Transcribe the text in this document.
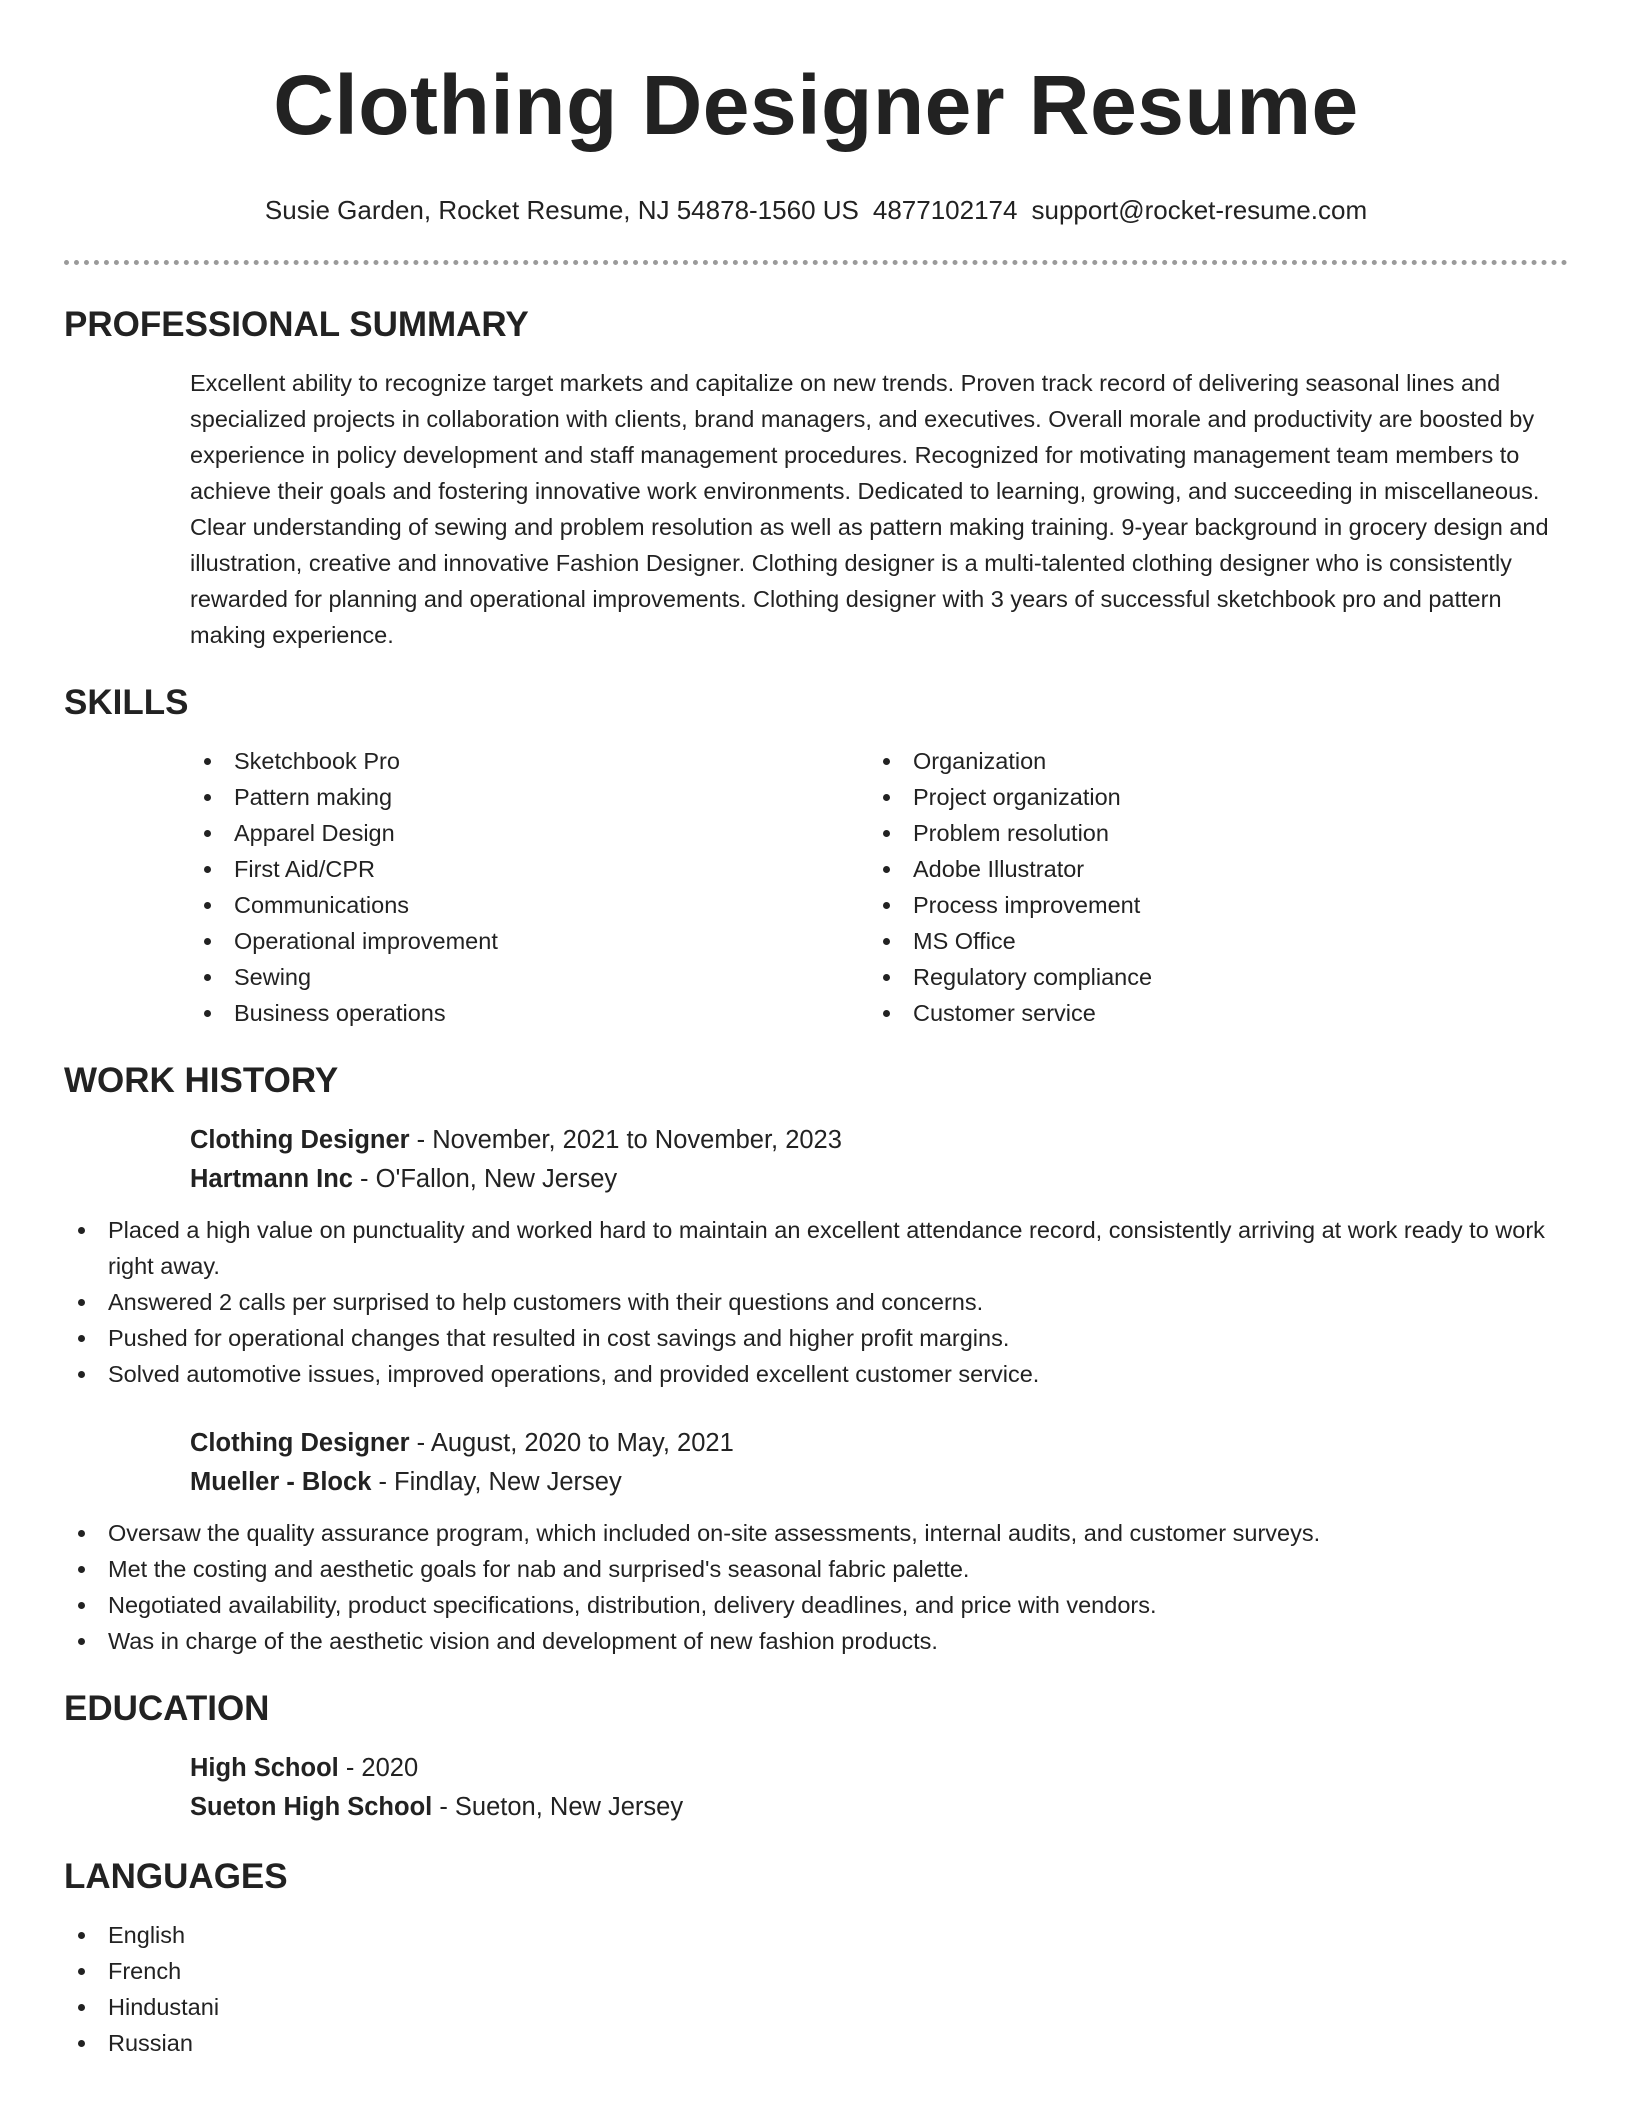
Clothing Designer Resume
Susie Garden, Rocket Resume, NJ 54878-1560 US 4877102174 support@rocket-resume.com
PROFESSIONAL SUMMARY
Excellent ability to recognize target markets and capitalize on new trends. Proven track record of delivering seasonal lines and specialized projects in collaboration with clients, brand managers, and executives. Overall morale and productivity are boosted by experience in policy development and staff management procedures. Recognized for motivating management team members to achieve their goals and fostering innovative work environments. Dedicated to learning, growing, and succeeding in miscellaneous. Clear understanding of sewing and problem resolution as well as pattern making training. 9-year background in grocery design and illustration, creative and innovative Fashion Designer. Clothing designer is a multi-talented clothing designer who is consistently rewarded for planning and operational improvements. Clothing designer with 3 years of successful sketchbook pro and pattern making experience.
SKILLS
Sketchbook Pro
Pattern making
Apparel Design
First Aid/CPR
Communications
Operational improvement
Sewing
Business operations
Organization
Project organization
Problem resolution
Adobe Illustrator
Process improvement
MS Office
Regulatory compliance
Customer service
WORK HISTORY
Clothing Designer - November, 2021 to November, 2023
Hartmann Inc - O'Fallon, New Jersey
Placed a high value on punctuality and worked hard to maintain an excellent attendance record, consistently arriving at work ready to work right away.
Answered 2 calls per surprised to help customers with their questions and concerns.
Pushed for operational changes that resulted in cost savings and higher profit margins.
Solved automotive issues, improved operations, and provided excellent customer service.
Clothing Designer - August, 2020 to May, 2021
Mueller - Block - Findlay, New Jersey
Oversaw the quality assurance program, which included on-site assessments, internal audits, and customer surveys.
Met the costing and aesthetic goals for nab and surprised's seasonal fabric palette.
Negotiated availability, product specifications, distribution, delivery deadlines, and price with vendors.
Was in charge of the aesthetic vision and development of new fashion products.
EDUCATION
High School - 2020
Sueton High School - Sueton, New Jersey
LANGUAGES
English
French
Hindustani
Russian
